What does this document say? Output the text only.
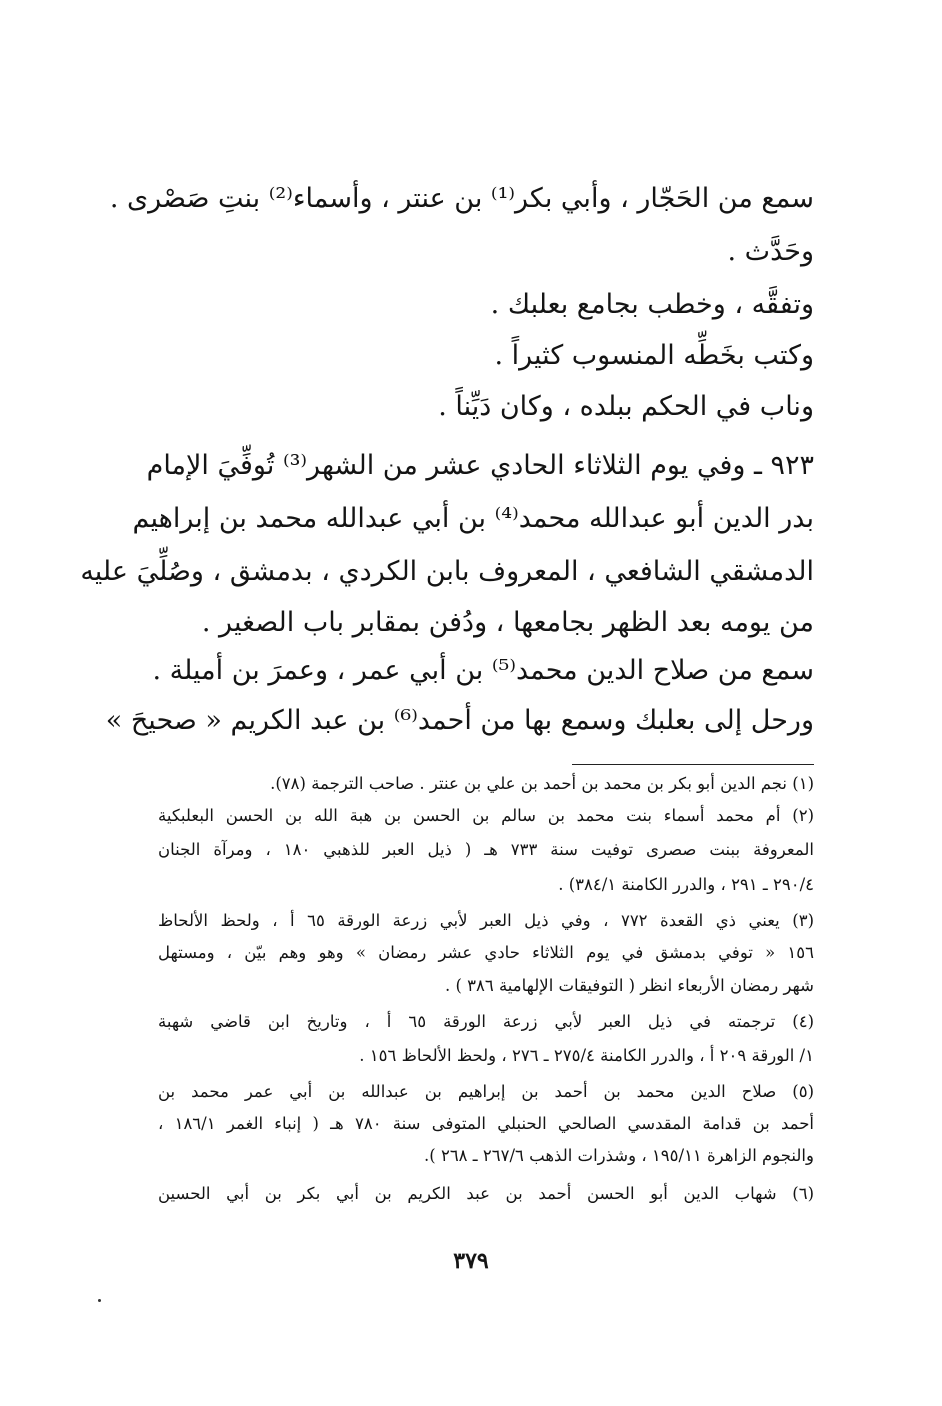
سمع من الحَجّار ، وأبي بكر⁽¹⁾ بن عنتر ، وأسماء⁽²⁾ بنتِ صَصْرى .
وحَدَّث .
وتفقَّه ، وخطب بجامع بعلبك .
وكتب بخَطِّه المنسوب كثيراً .
وناب في الحكم ببلده ، وكان دَيِّناً .
٩٢٣ ـ وفي يوم الثلاثاء الحادي عشر من الشهر⁽³⁾ تُوفِّيَ الإمام
بدر الدين أبو عبدالله محمد⁽⁴⁾ بن أبي عبدالله محمد بن إبراهيم
الدمشقي الشافعي ، المعروف بابن الكردي ، بدمشق ، وصُلِّيَ عليه
من يومه بعد الظهر بجامعها ، ودُفن بمقابر باب الصغير .
سمع من صلاح الدين محمد⁽⁵⁾ بن أبي عمر ، وعمرَ بن أميلة .
ورحل إلى بعلبك وسمع بها من أحمد⁽⁶⁾ بن عبد الكريم « صحيحَ »
(١) نجم الدين أبو بكر بن محمد بن أحمد بن علي بن عنتر . صاحب الترجمة (٧٨).
(٢) أم محمد أسماء بنت محمد بن سالم بن الحسن بن هبة الله بن الحسن البعلبكية
المعروفة ببنت صصرى توفيت سنة ٧٣٣ هـ ( ذيل العبر للذهبي ١٨٠ ، ومرآة الجنان
٢٩٠/٤ ـ ٢٩١ ، والدرر الكامنة ٣٨٤/١) .
(٣) يعني ذي القعدة ٧٧٢ ، وفي ذيل العبر لأبي زرعة الورقة ٦٥ أ ، ولحظ الألحاظ
١٥٦ « توفي بدمشق في يوم الثلاثاء حادي عشر رمضان » وهو وهم بيّن ، ومستهل
شهر رمضان الأربعاء انظر ( التوفيقات الإلهامية ٣٨٦ ) .
(٤) ترجمته في ذيل العبر لأبي زرعة الورقة ٦٥ أ ، وتاريخ ابن قاضي شهبة
١/ الورقة ٢٠٩ أ ، والدرر الكامنة ٢٧٥/٤ ـ ٢٧٦ ، ولحظ الألحاظ ١٥٦ .
(٥) صلاح الدين محمد بن أحمد بن إبراهيم بن عبدالله بن أبي عمر محمد بن
أحمد بن قدامة المقدسي الصالحي الحنبلي المتوفى سنة ٧٨٠ هـ ( إنباء الغمر ١٨٦/١ ،
والنجوم الزاهرة ١٩٥/١١ ، وشذرات الذهب ٢٦٧/٦ ـ ٢٦٨ ).
(٦) شهاب الدين أبو الحسن أحمد بن عبد الكريم بن أبي بكر بن أبي الحسين
٣٧٩
